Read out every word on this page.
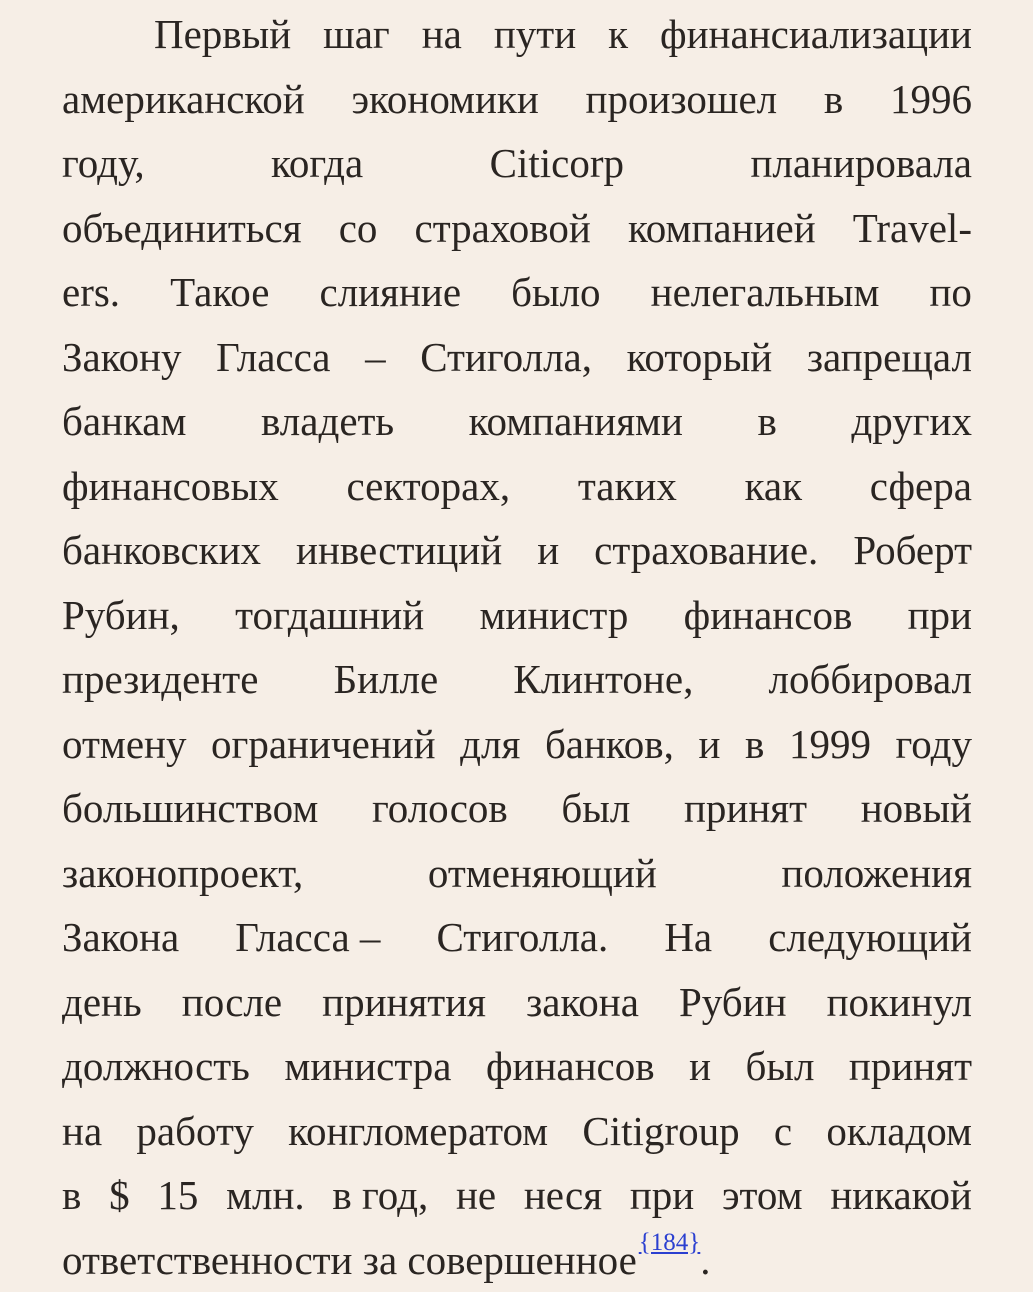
Первый шаг на пути к финансиализации
американской экономики произошел в 1996
году,	когда	Citicorp	планировала
объединиться со страховой компанией Travel-
ers. Такое слияние было нелегальным по
Закону Гласса – Стиголла, который запрещал
банкам владеть компаниями в других
финансовых секторах, таких как сфера
банковских инвестиций и страхование. Роберт
Рубин, тогдашний министр финансов при
президенте Билле Клинтоне, лоббировал
отмену ограничений для банков, и в 1999 году
большинством голосов был принят новый
законопроект,	отменяющий	положения
Закона Гласса – Стиголла. На следующий
день после принятия закона Рубин покинул
должность министра финансов и был принят
на работу конгломератом Citigroup с окладом
в $ 15 млн. в год, не неся при этом никакой
ответственности за совершенное {184} .
